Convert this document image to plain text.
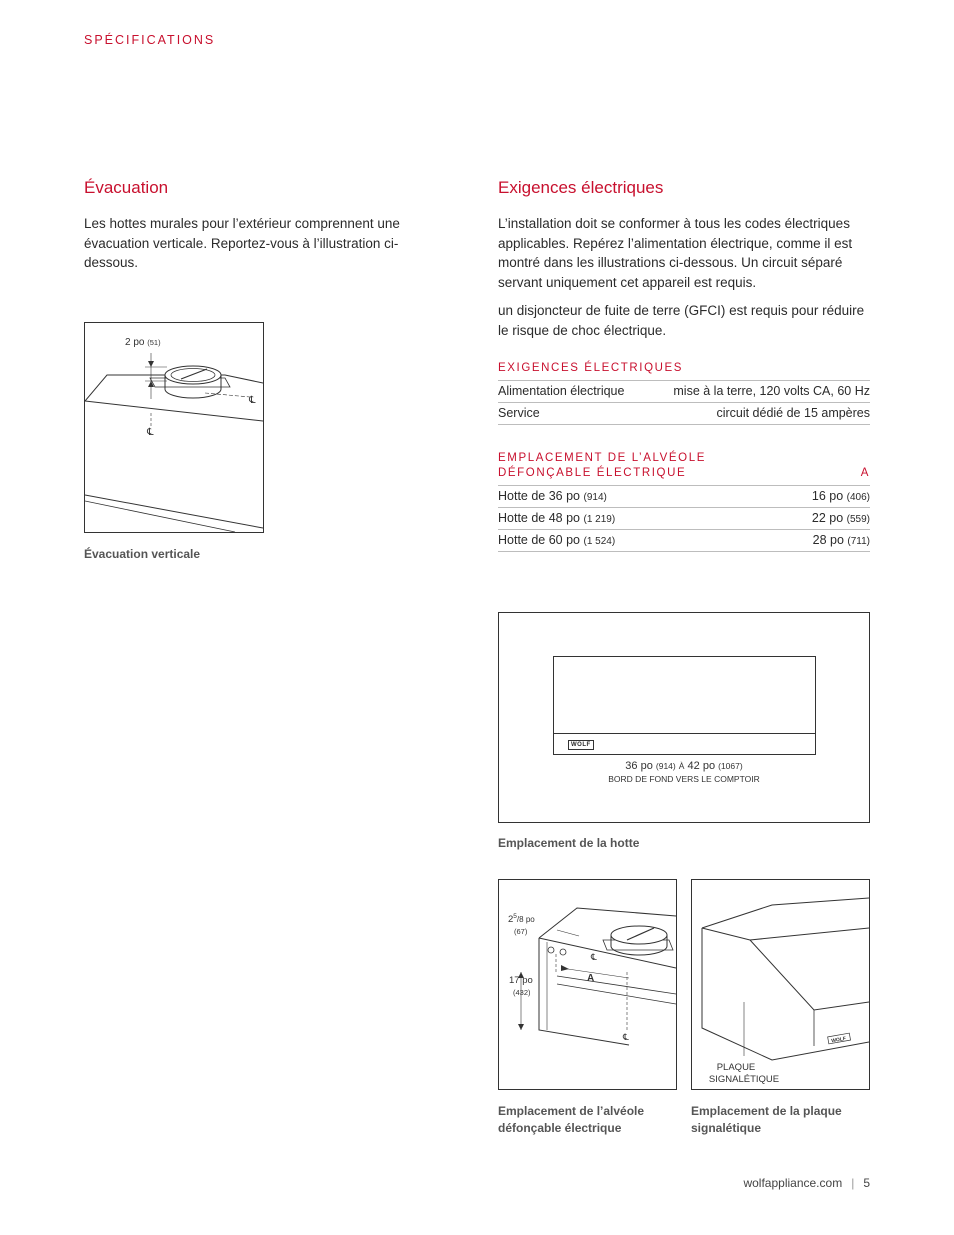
SPÉCIFICATIONS
Évacuation

Les hottes murales pour l’extérieur comprennent une évacuation verticale. Reportez-vous à l’illustration ci-dessous.

2 po (51)
℄
℄
Évacuation verticale
Exigences électriques

L’installation doit se conformer à tous les codes électriques applicables. Repérez l’alimentation électrique, comme il est montré dans les illustrations ci-dessous. Un circuit séparé servant uniquement cet appareil est requis.

un disjoncteur de fuite de terre (GFCI) est requis pour réduire le risque de choc électrique.

EXIGENCES ÉLECTRIQUES
Alimentation électrique	mise à la terre, 120 volts CA, 60 Hz
Service	circuit dédié de 15 ampères
EMPLACEMENT DE L’ALVÉOLE
DÉFONÇABLE ÉLECTRIQUE	A
Hotte de 36 po (914)	16 po (406)
Hotte de 48 po (1 219)	22 po (559)
Hotte de 60 po (1 524)	28 po (711)
WOLF
36 po (914) À 42 po (1067)
BORD DE FOND VERS LE COMPTOIR
Emplacement de la hotte
$2^5_{/8 po}$
(67)
17 po
(432)
A
℄
℄
Emplacement de l’alvéole
défonçable électrique
WOLF
PLAQUE
SIGNALÉTIQUE
Emplacement de la plaque
signalétique
wolfappliance.com | 5
